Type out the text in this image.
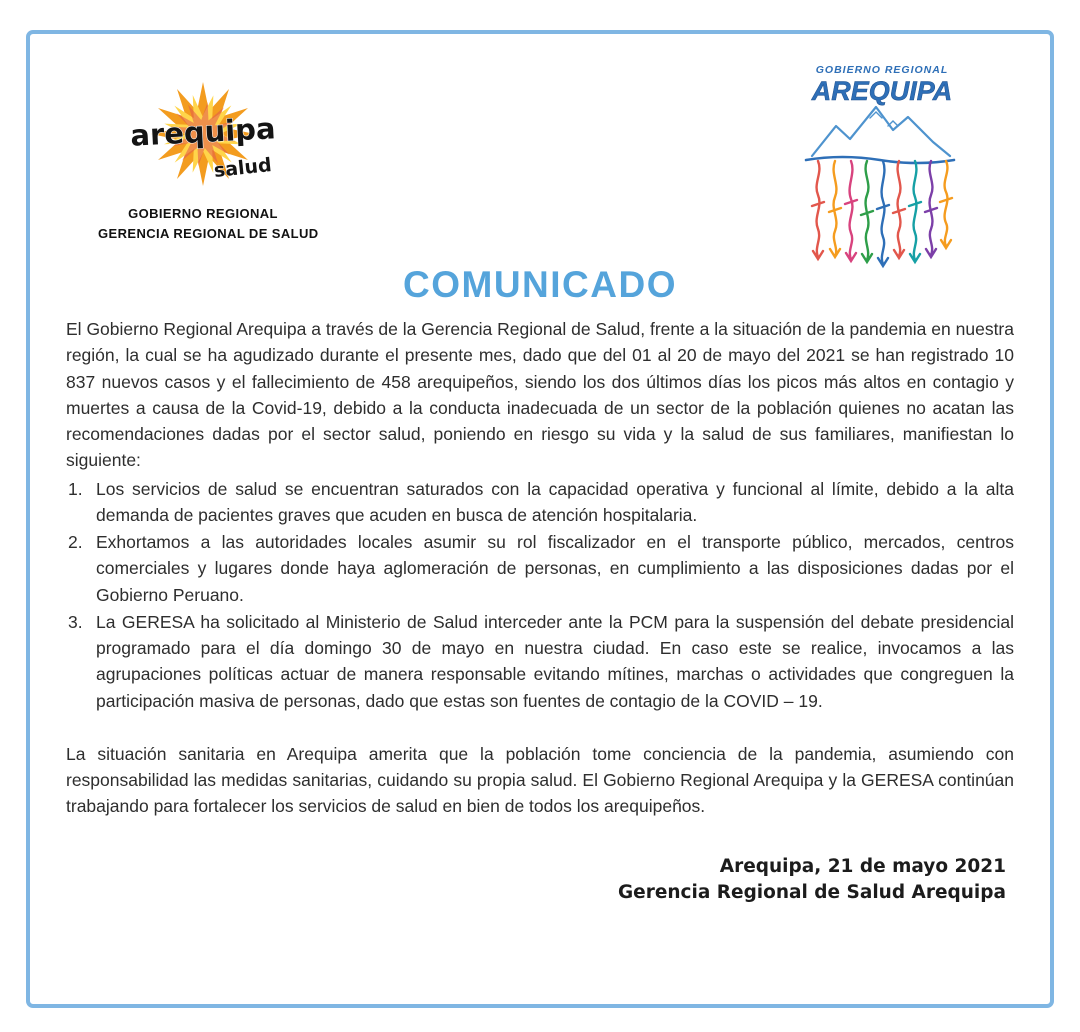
arequipa
salud
GOBIERNO REGIONAL
GERENCIA REGIONAL DE SALUD
GOBIERNO REGIONAL
AREQUIPA
COMUNICADO

El Gobierno Regional Arequipa a través de la Gerencia Regional de Salud, frente a la situación de la pandemia en nuestra región, la cual se ha agudizado durante el presente mes, dado que del 01 al 20 de mayo del 2021 se han registrado 10 837 nuevos casos y el fallecimiento de 458 arequipeños, siendo los dos últimos días los picos más altos en contagio y muertes a causa de la Covid-19, debido a la conducta inadecuada de un sector de la población quienes no acatan las recomendaciones dadas por el sector salud, poniendo en riesgo su vida y la salud de sus familiares, manifiestan lo siguiente:

1. Los servicios de salud se encuentran saturados con la capacidad operativa y funcional al límite, debido a la alta demanda de pacientes graves que acuden en busca de atención hospitalaria.
2. Exhortamos a las autoridades locales asumir su rol fiscalizador en el transporte público, mercados, centros comerciales y lugares donde haya aglomeración de personas, en cumplimiento a las disposiciones dadas por el Gobierno Peruano.
3. La GERESA ha solicitado al Ministerio de Salud interceder ante la PCM para la suspensión del debate presidencial programado para el día domingo 30 de mayo en nuestra ciudad. En caso este se realice, invocamos a las agrupaciones políticas actuar de manera responsable evitando mítines, marchas o actividades que congreguen la participación masiva de personas, dado que estas son fuentes de contagio de la COVID – 19.

La situación sanitaria en Arequipa amerita que la población tome conciencia de la pandemia, asumiendo con responsabilidad las medidas sanitarias, cuidando su propia salud. El Gobierno Regional Arequipa y la GERESA continúan trabajando para fortalecer los servicios de salud en bien de todos los arequipeños.

Arequipa, 21 de mayo 2021
Gerencia Regional de Salud Arequipa
